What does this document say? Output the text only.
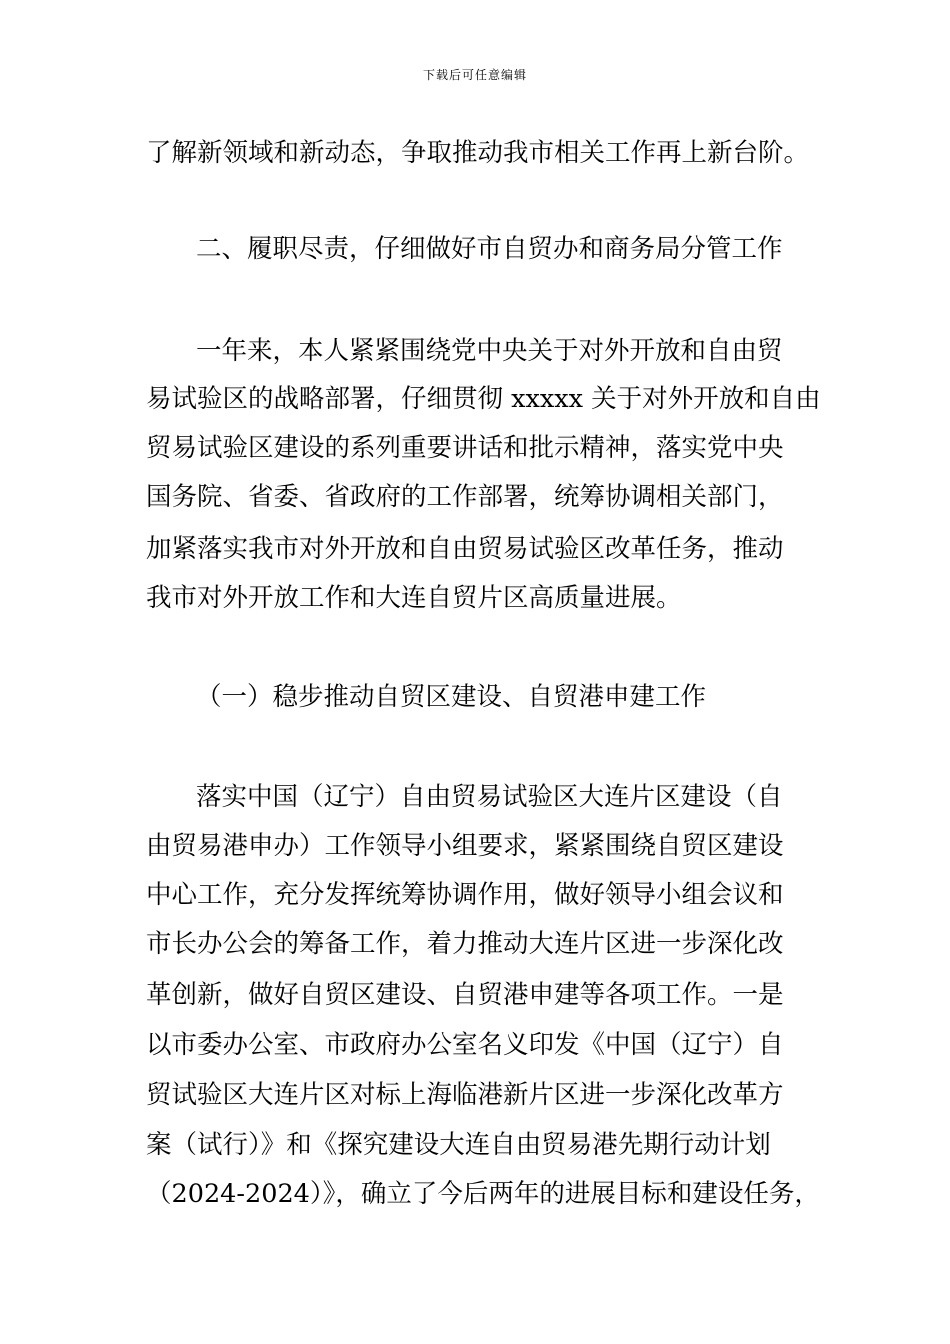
下载后可任意编辑
了解新领域和新动态，争取推动我市相关工作再上新台阶。
二、履职尽责，仔细做好市自贸办和商务局分管工作
一年来，本人紧紧围绕党中央关于对外开放和自由贸
易试验区的战略部署，仔细贯彻 xxxxx 关于对外开放和自由
贸易试验区建设的系列重要讲话和批示精神，落实党中央
国务院、省委、省政府的工作部署，统筹协调相关部门，
加紧落实我市对外开放和自由贸易试验区改革任务，推动
我市对外开放工作和大连自贸片区高质量进展。
（一）稳步推动自贸区建设、自贸港申建工作
落实中国（辽宁）自由贸易试验区大连片区建设（自
由贸易港申办）工作领导小组要求，紧紧围绕自贸区建设
中心工作，充分发挥统筹协调作用，做好领导小组会议和
市长办公会的筹备工作，着力推动大连片区进一步深化改
革创新，做好自贸区建设、自贸港申建等各项工作。一是
以市委办公室、市政府办公室名义印发《中国（辽宁）自
贸试验区大连片区对标上海临港新片区进一步深化改革方
案（试行）》和《探究建设大连自由贸易港先期行动计划
（2024-2024）》，确立了今后两年的进展目标和建设任务，
